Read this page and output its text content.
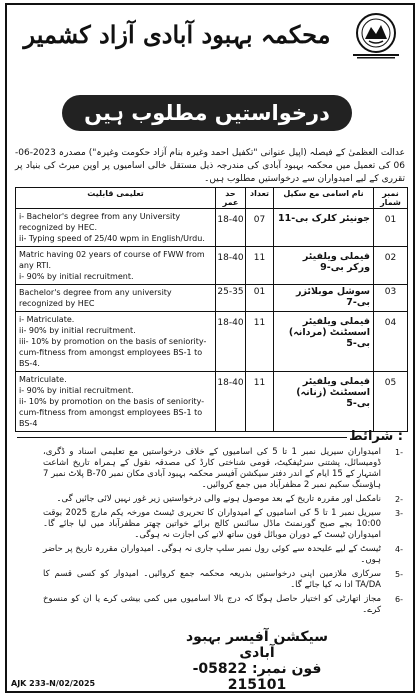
محکمہ بہبود آبادی آزاد کشمیر
درخواستیں مطلوب ہیں
عدالت العظمیٰ کے فیصلہ (اپیل عنوانی "تکفیل احمد وغیرہ بنام آزاد حکومت وغیرہ") مصدرہ 2023-06-06 کی تعمیل میں محکمہ بہبود آبادی کی مندرجہ ذیل مستقل خالی اسامیوں پر اوپن میرٹ کی بنیاد پر تقرری کے لیے امیدواران سے درخواستیں مطلوب ہیں۔
تعلیمی قابلیت	حد عمر	تعداد	نام اسامی مع سکیل	نمبر شمار

i- Bachelor's degree from any University recognized by HEC.
ii- Typing speed of 25/40 wpm in English/Urdu.	18-40	07	جونیئر کلرک بی-11	01

Matric having 02 years of course of FWW from any RTI.
i- 90% by initial recruitment.	18-40	11	فیملی ویلفیئر ورکر بی-9	02

Bachelor's degree from any university recognized by HEC	25-35	01	سوشل موبلائزر بی-7	03

i- Matriculate.
ii- 90% by initial recruitment.
iii- 10% by promotion on the basis of seniority-cum-fitness from amongst employees BS-1 to BS-4.	18-40	11	فیملی ویلفیئر اسسٹنٹ (مردانہ) بی-5	04

Matriculate.
i- 90% by initial recruitment.
ii- 10% by promotion on the basis of seniority-cum-fitness from amongst employees BS-1 to BS-4	18-40	11	فیملی ویلفیئر اسسٹنٹ (زنانہ) بی-5	05
: شرائط
-1
امیدواران سیریل نمبر 1 تا 5 کی اسامیوں کے خلاف درخواستیں مع تعلیمی اسناد و ڈگری، ڈومیسائل، پشتنی سرٹیفکیٹ، قومی شناختی کارڈ کی مصدقہ نقول کے ہمراہ تاریخ اشاعت اشتہار کے 15 ایام کے اندر دفتر سیکشن آفیسر محکمہ بہبود آبادی مکان نمبر 70-B پلاٹ نمبر 7 ہاؤسنگ سکیم نمبر 2 مظفرآباد میں جمع کروائیں۔
-2
نامکمل اور مقررہ تاریخ کے بعد موصول ہونے والی درخواستیں زیر غور نہیں لائی جائیں گی۔
-3
سیریل نمبر 1 تا 5 کی اسامیوں کے امیدواران کا تحریری ٹیسٹ مورخہ یکم مارچ 2025 بوقت 10:00 بجے صبح گورنمنٹ ماڈل سائنس کالج برائے خواتین چھتر مظفرآباد میں لیا جائے گا۔ امیدواران ٹیسٹ کے دوران موبائل فون ساتھ لانے کی اجازت نہ ہوگی۔
-4
ٹیسٹ کے لیے علیحدہ سے کوئی رول نمبر سلپ جاری نہ ہوگی۔ امیدواران مقررہ تاریخ پر حاضر ہوں۔
-5
سرکاری ملازمین اپنی درخواستیں بذریعہ محکمہ جمع کروائیں۔ امیدوار کو کسی قسم کا TA/DA ادا نہ کیا جائے گا۔
-6
مجاز اتھارٹی کو اختیار حاصل ہوگا کہ درج بالا اسامیوں میں کمی بیشی کرے یا ان کو منسوخ کرے۔
سیکشن آفیسر بہبود آبادی
فون نمبر: 05822-215101
AJK 233-N/02/2025
